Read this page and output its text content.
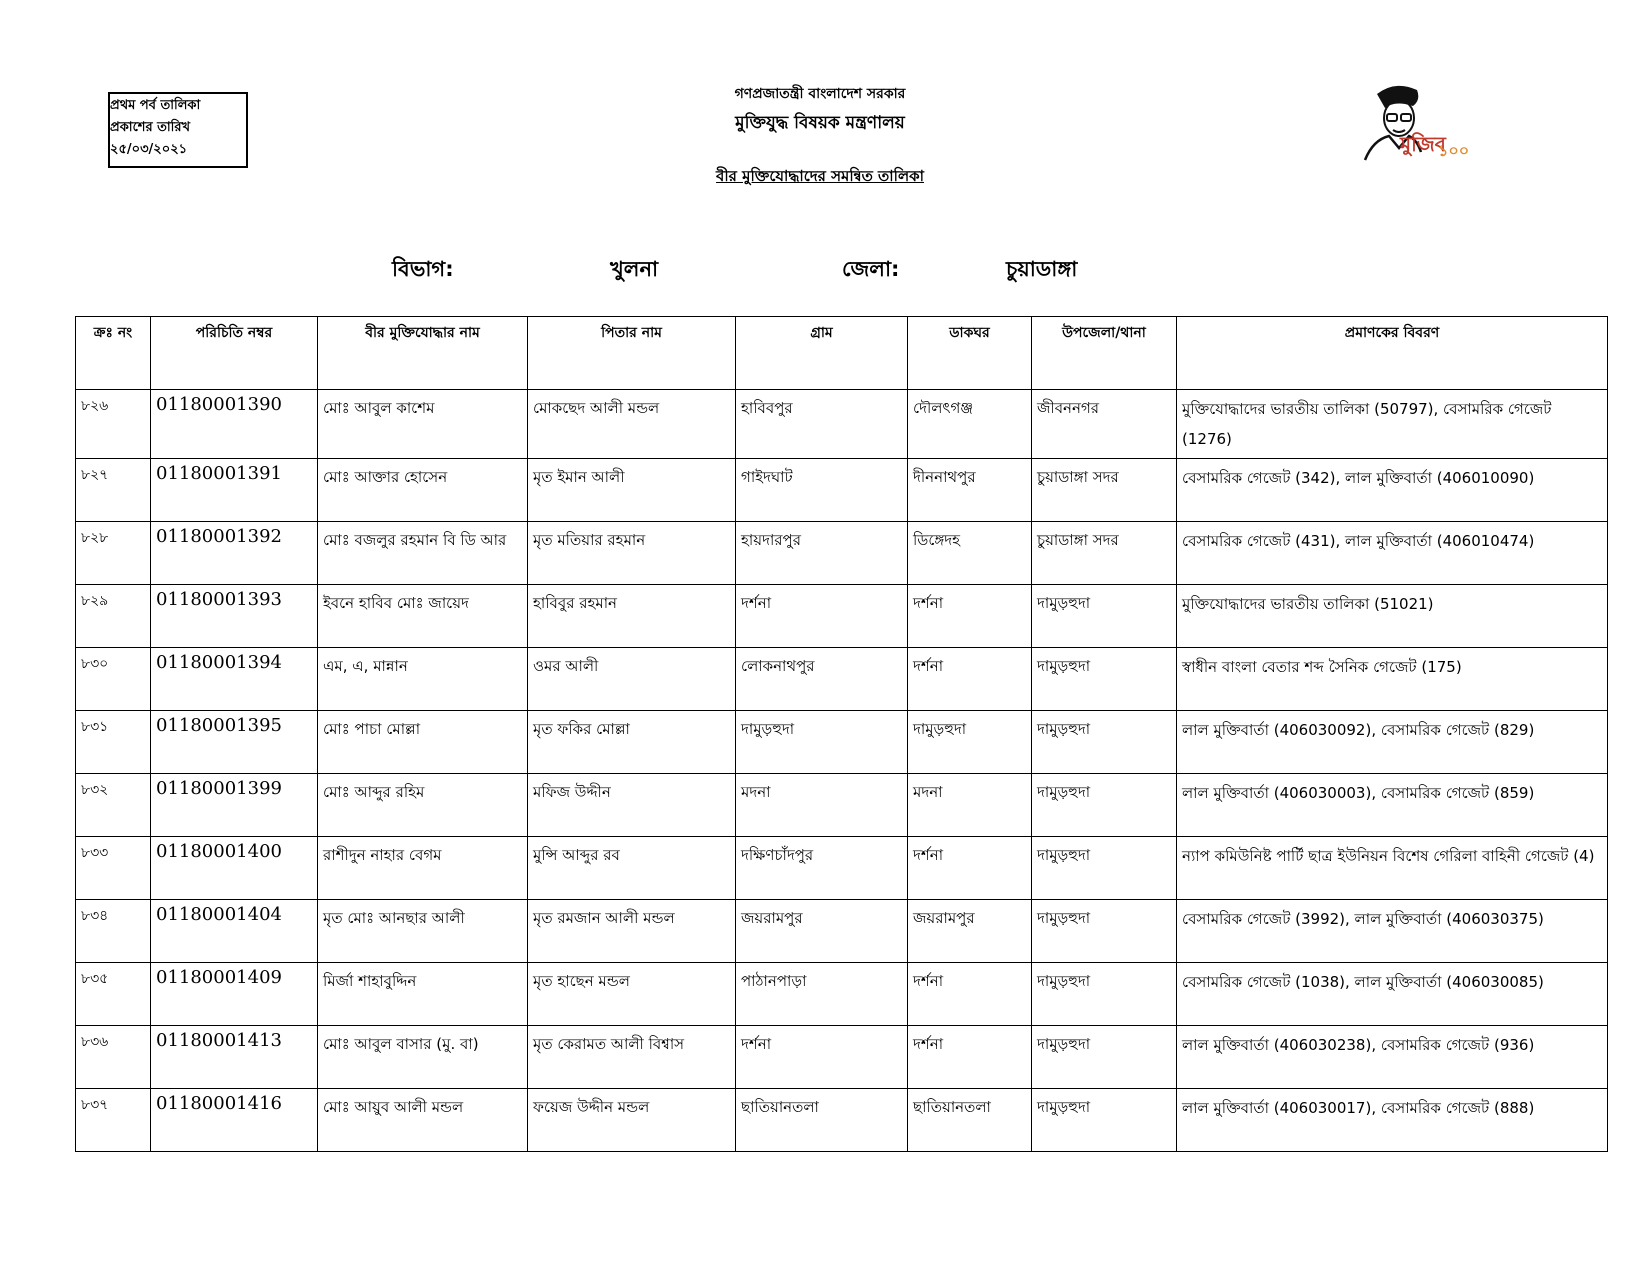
প্রথম পর্ব তালিকা
প্রকাশের তারিখ
২৫/০৩/২০২১
গণপ্রজাতন্ত্রী বাংলাদেশ সরকার
মুক্তিযুদ্ধ বিষয়ক মন্ত্রণালয়
বীর মুক্তিযোদ্ধাদের সমন্বিত তালিকা
মুজিব
১০০
বিভাগ:	খুলনা	জেলা:	চুয়াডাঙ্গা
ক্রঃ নং	পরিচিতি নম্বর	বীর মুক্তিযোদ্ধার নাম	পিতার নাম	গ্রাম	ডাকঘর	উপজেলা/থানা	প্রমাণকের বিবরণ
৮২৬	01180001390	মোঃ আবুল কাশেম	মোকছেদ আলী মন্ডল	হাবিবপুর	দৌলৎগঞ্জ	জীবননগর	মুক্তিযোদ্ধাদের ভারতীয় তালিকা (50797), বেসামরিক গেজেট (1276)
৮২৭	01180001391	মোঃ আক্তার হোসেন	মৃত ইমান আলী	গাইদঘাট	দীননাথপুর	চুয়াডাঙ্গা সদর	বেসামরিক গেজেট (342), লাল মুক্তিবার্তা (406010090)
৮২৮	01180001392	মোঃ বজলুর রহমান বি ডি আর	মৃত মতিয়ার রহমান	হায়দারপুর	ডিঙ্গেদহ	চুয়াডাঙ্গা সদর	বেসামরিক গেজেট (431), লাল মুক্তিবার্তা (406010474)
৮২৯	01180001393	ইবনে হাবিব মোঃ জায়েদ	হাবিবুর রহমান	দর্শনা	দর্শনা	দামুড়হুদা	মুক্তিযোদ্ধাদের ভারতীয় তালিকা (51021)
৮৩০	01180001394	এম, এ, মান্নান	ওমর আলী	লোকনাথপুর	দর্শনা	দামুড়হুদা	স্বাধীন বাংলা বেতার শব্দ সৈনিক গেজেট (175)
৮৩১	01180001395	মোঃ পাচা মোল্লা	মৃত ফকির মোল্লা	দামুড়হুদা	দামুড়হুদা	দামুড়হুদা	লাল মুক্তিবার্তা (406030092), বেসামরিক গেজেট (829)
৮৩২	01180001399	মোঃ আব্দুর রহিম	মফিজ উদ্দীন	মদনা	মদনা	দামুড়হুদা	লাল মুক্তিবার্তা (406030003), বেসামরিক গেজেট (859)
৮৩৩	01180001400	রাশীদুন নাহার বেগম	মুন্সি আব্দুর রব	দক্ষিণচাঁদপুর	দর্শনা	দামুড়হুদা	ন্যাপ কমিউনিষ্ট পার্টি ছাত্র ইউনিয়ন বিশেষ গেরিলা বাহিনী গেজেট (4)
৮৩৪	01180001404	মৃত মোঃ আনছার আলী	মৃত রমজান আলী মন্ডল	জয়রামপুর	জয়রামপুর	দামুড়হুদা	বেসামরিক গেজেট (3992), লাল মুক্তিবার্তা (406030375)
৮৩৫	01180001409	মির্জা শাহাবুদ্দিন	মৃত হাছেন মন্ডল	পাঠানপাড়া	দর্শনা	দামুড়হুদা	বেসামরিক গেজেট (1038), লাল মুক্তিবার্তা (406030085)
৮৩৬	01180001413	মোঃ আবুল বাসার (মু. বা)	মৃত কেরামত আলী বিশ্বাস	দর্শনা	দর্শনা	দামুড়হুদা	লাল মুক্তিবার্তা (406030238), বেসামরিক গেজেট (936)
৮৩৭	01180001416	মোঃ আয়ুব আলী মন্ডল	ফয়েজ উদ্দীন মন্ডল	ছাতিয়ানতলা	ছাতিয়ানতলা	দামুড়হুদা	লাল মুক্তিবার্তা (406030017), বেসামরিক গেজেট (888)
